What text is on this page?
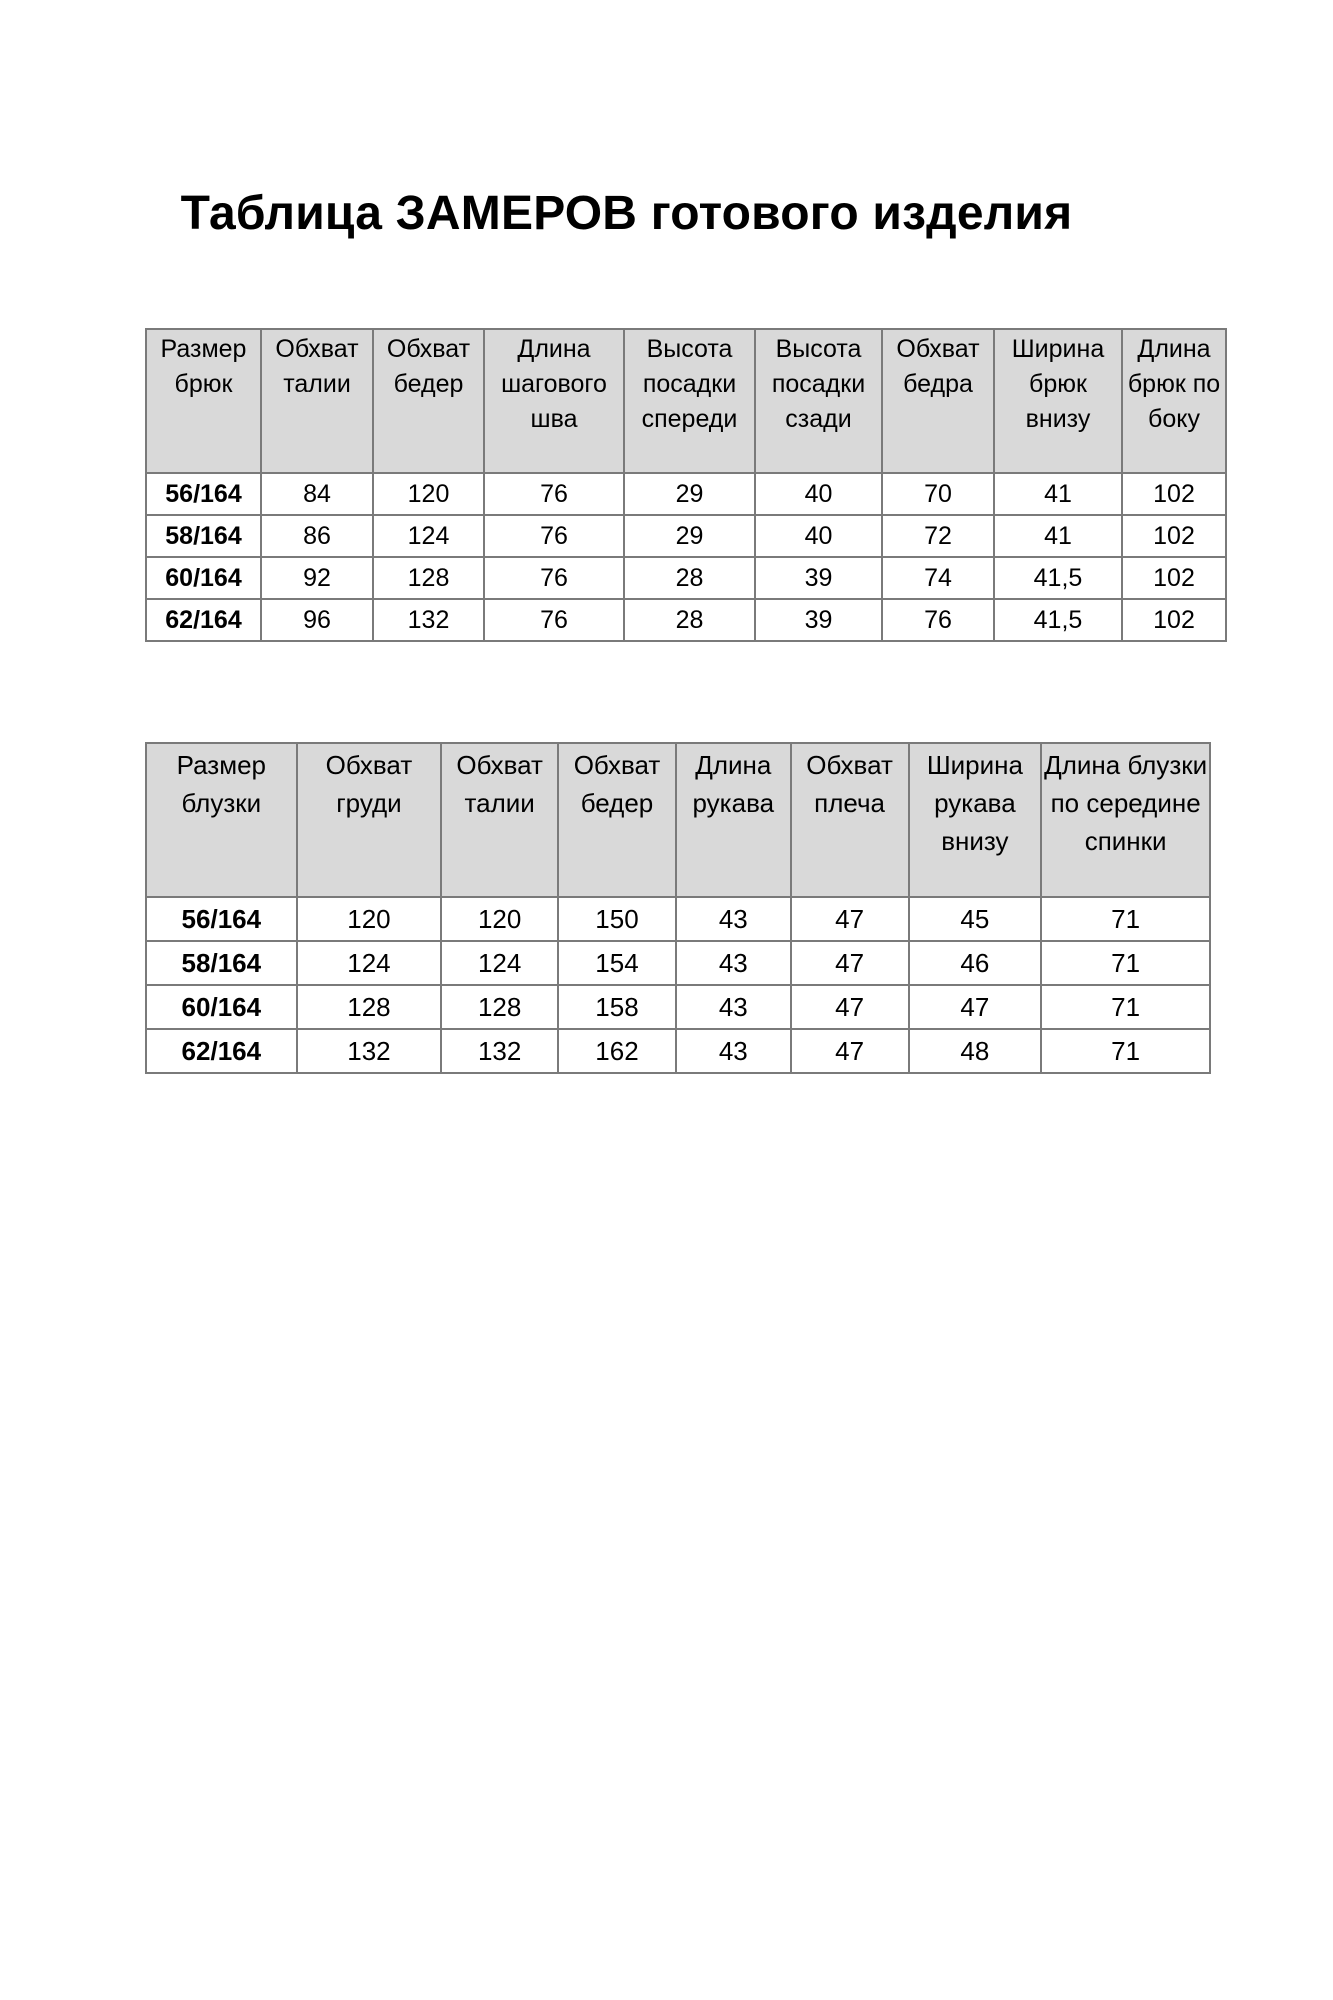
Таблица ЗАМЕРОВ готового изделия
Размер брюк	Обхват талии	Обхват бедер	Длина шагового шва	Высота посадки спереди	Высота посадки сзади	Обхват бедра	Ширина брюк внизу	Длина брюк по боку
56/164	84	120	76	29	40	70	41	102
58/164	86	124	76	29	40	72	41	102
60/164	92	128	76	28	39	74	41,5	102
62/164	96	132	76	28	39	76	41,5	102
Размер блузки	Обхват груди	Обхват талии	Обхват бедер	Длина рукава	Обхват плеча	Ширина рукава внизу	Длина блузки по середине спинки
56/164	120	120	150	43	47	45	71
58/164	124	124	154	43	47	46	71
60/164	128	128	158	43	47	47	71
62/164	132	132	162	43	47	48	71
